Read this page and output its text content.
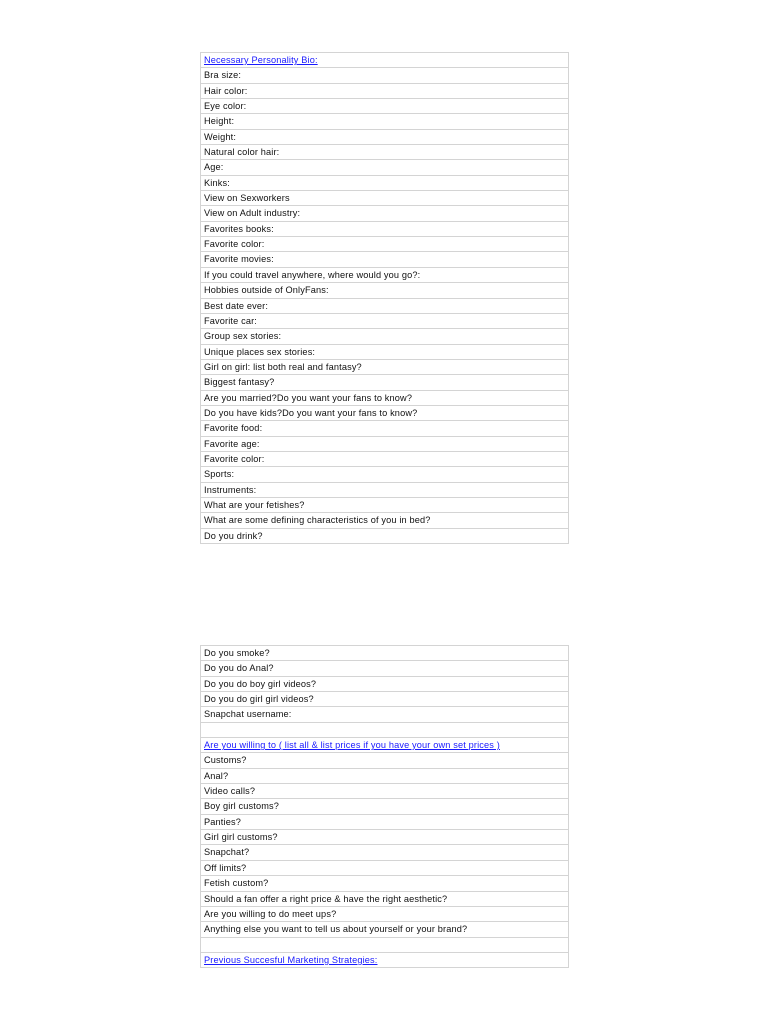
Necessary Personality Bio:
Bra size:
Hair color:
Eye color:
Height:
Weight:
Natural color hair:
Age:
Kinks:
View on Sexworkers
View on Adult industry:
Favorites books:
Favorite color:
Favorite movies:
If you could travel anywhere, where would you go?:
Hobbies outside of OnlyFans:
Best date ever:
Favorite car:
Group sex stories:
Unique places sex stories:
Girl on girl: list both real and fantasy?
Biggest fantasy?
Are you married?Do you want your fans to know?
Do you have kids?Do you want your fans to know?
Favorite food:
Favorite age:
Favorite color:
Sports:
Instruments:
What are your fetishes?
What are some defining characteristics of you in bed?
Do you drink?
Do you smoke?
Do you do Anal?
Do you do boy girl videos?
Do you do girl girl videos?
Snapchat username:
Are you willing to ( list all & list prices if you have your own set prices )
Customs?
Anal?
Video calls?
Boy girl customs?
Panties?
Girl girl customs?
Snapchat?
Off limits?
Fetish custom?
Should a fan offer a right price & have the right aesthetic?
Are you willing to do meet ups?
Anything else you want to tell us about yourself or your brand?
Previous Succesful Marketing Strategies:
